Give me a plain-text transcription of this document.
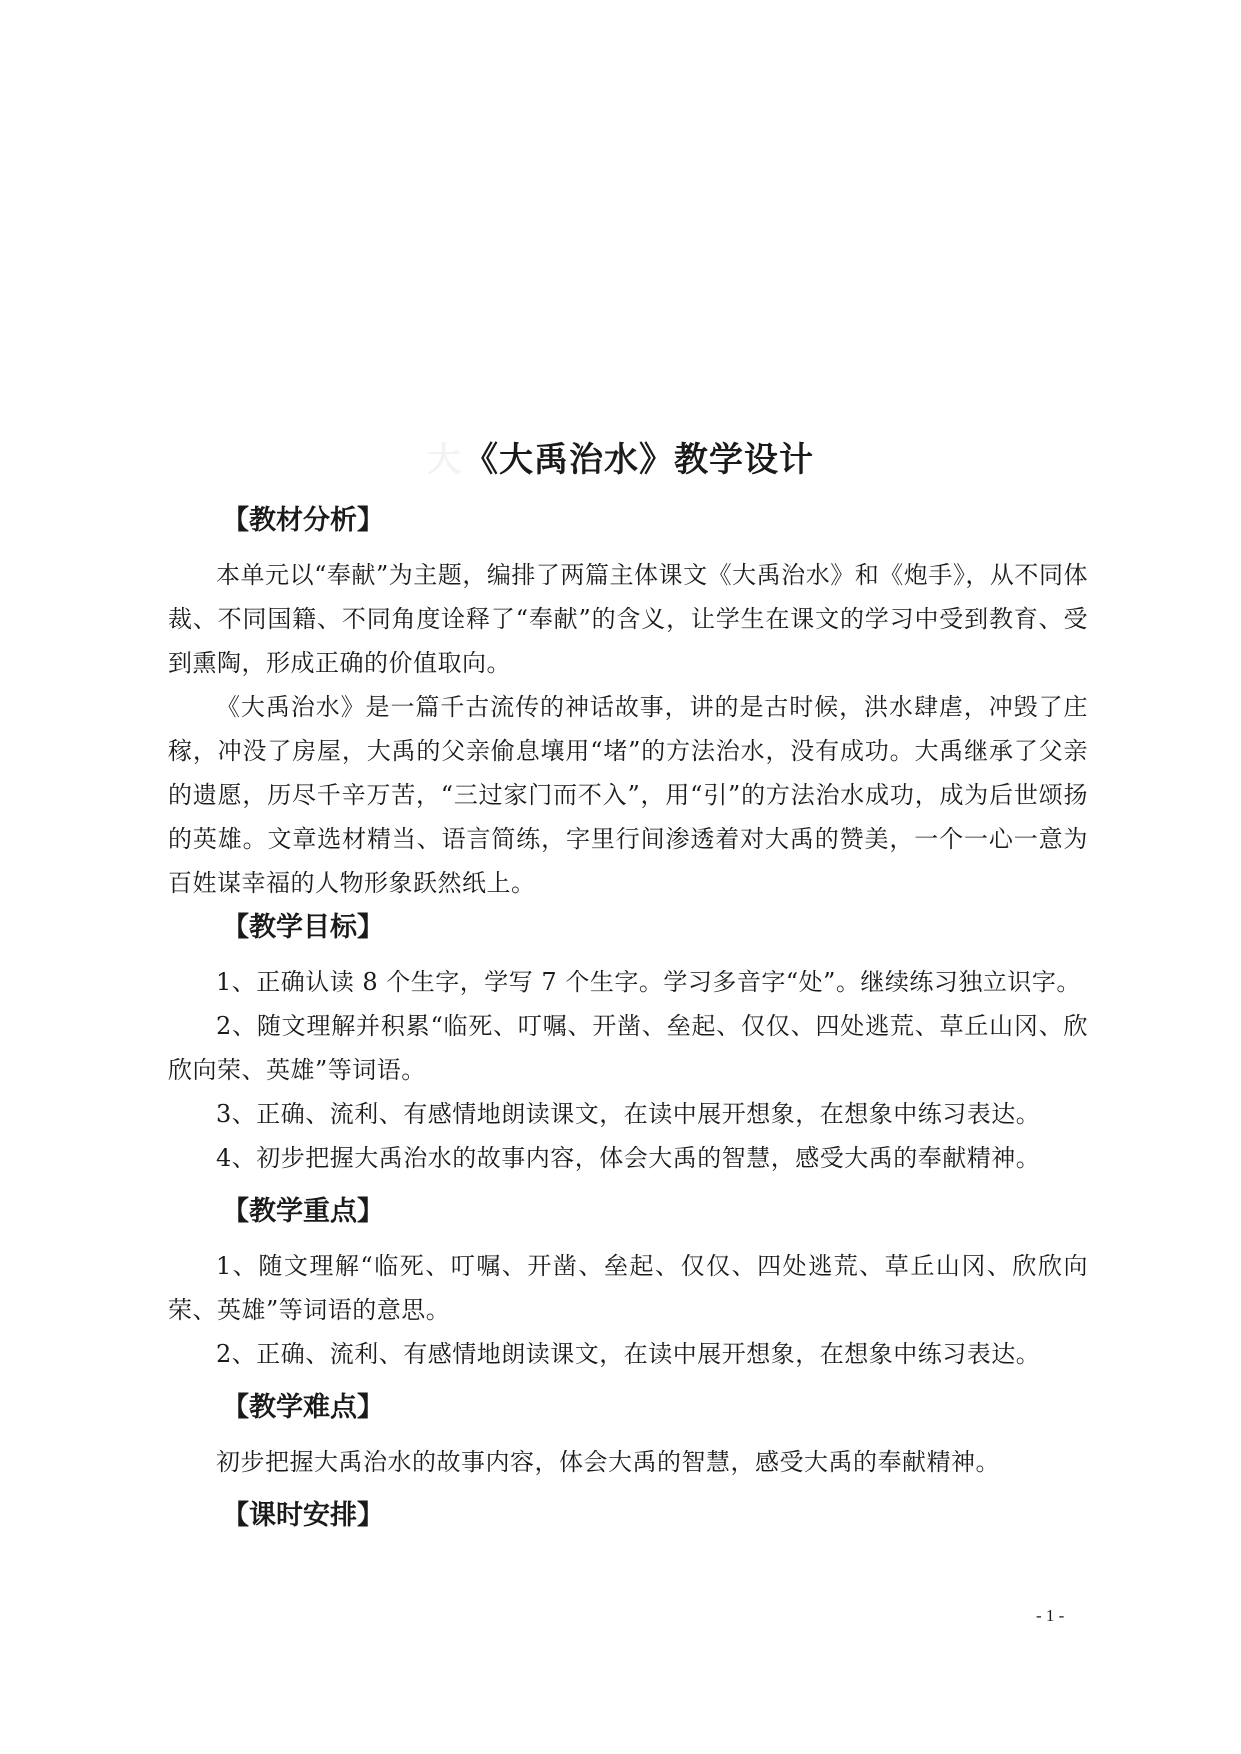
大《大禹治水》教学设计
【教材分析】
本单元以“奉献”为主题，编排了两篇主体课文《大禹治水》和《炮手》，从不同体裁、不同国籍、不同角度诠释了“奉献”的含义，让学生在课文的学习中受到教育、受到熏陶，形成正确的价值取向。
《大禹治水》是一篇千古流传的神话故事，讲的是古时候，洪水肆虐，冲毁了庄稼，冲没了房屋，大禹的父亲偷息壤用“堵”的方法治水，没有成功。大禹继承了父亲的遗愿，历尽千辛万苦，“三过家门而不入”，用“引”的方法治水成功，成为后世颂扬的英雄。文章选材精当、语言简练，字里行间渗透着对大禹的赞美，一个一心一意为百姓谋幸福的人物形象跃然纸上。
【教学目标】
1、正确认读 8 个生字，学写 7 个生字。学习多音字“处”。继续练习独立识字。
2、随文理解并积累“临死、叮嘱、开凿、垒起、仅仅、四处逃荒、草丘山冈、欣欣向荣、英雄”等词语。
3、正确、流利、有感情地朗读课文，在读中展开想象，在想象中练习表达。
4、初步把握大禹治水的故事内容，体会大禹的智慧，感受大禹的奉献精神。
【教学重点】
1、随文理解“临死、叮嘱、开凿、垒起、仅仅、四处逃荒、草丘山冈、欣欣向荣、英雄”等词语的意思。
2、正确、流利、有感情地朗读课文，在读中展开想象，在想象中练习表达。
【教学难点】
初步把握大禹治水的故事内容，体会大禹的智慧，感受大禹的奉献精神。
【课时安排】
- 1 -
